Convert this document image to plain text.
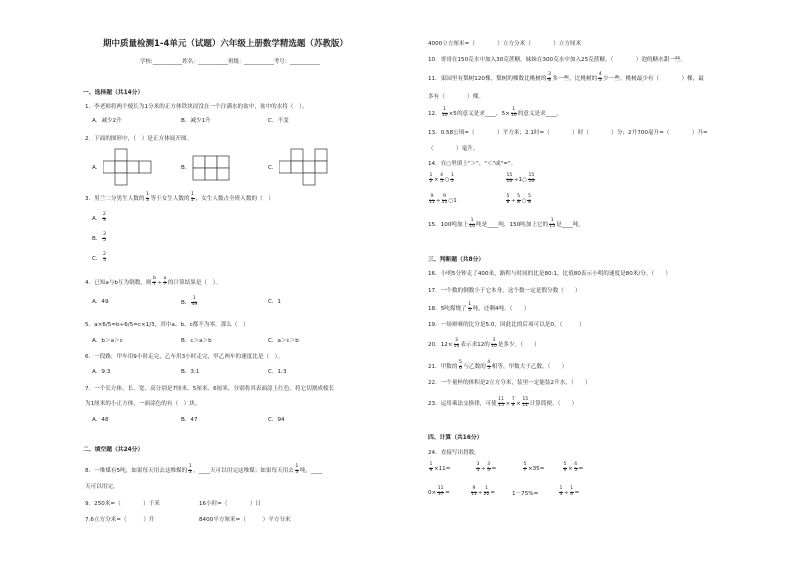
期中质量检测1-4单元（试题）六年级上册数学精选题（苏教版）
学校:___________姓名：___________班级：___________考号：___________
一、选择题（共14分）
1．李老师将两个棱长为1分米的正方体铁块浸没在一个注满水的盆中，盆中的水将（　）。
A．减少2升	B．减少1升	C．不变
2．下面的图形中，（　）是正方体展开图。
A．	B．	C．
3．男兰二分男生人数的 $\frac{1}{3}$ 等于女生人数的 $\frac{1}{2}$ ，女生人数占全班人数的（　）
A． $\frac{2}{3}$
B． $\frac{3}{5}$
C． $\frac{2}{5}$
4．已知a与b互为倒数，则 $\frac{b}{7} \div \frac{a}{7}$ 的计算结果是（　）。
A．49	B． $\frac{1}{49}$	C．1
5．a×6/5=b÷6/5=c×1/3，其中a、b、c都不为零，那么（　）
A．b＞a＞c	B．c＞a＞b	C．a＞c＞b
6．一段路，甲车用9小时走完，乙车用3小时走完，甲乙两车的速度比是（　）。
A．9:3	B．3:1	C．1:3
7．一个长方体，长、宽、高分别是7厘米、5厘米、6厘米，分别将其表面涂上红色，将它切割成棱长
为1厘米的小正方体，一面涂色的有（　）块。
A．48	B．47	C．94
二、填空题（共24分）
8．一堆煤有5吨，如果每天用去这堆煤的 $\frac{1}{3}$ ，____天可以用完这堆煤；如果每天用去 $\frac{1}{3}$ 吨，____
天可以用完。
9．250米=（　　　　）千米	16小时=（　　　　）日
7.6立方分米=（　　　）升	8400平方厘米=（　　　）平方分米
4000立方厘米=（　　　　）立方分米（　　　　）立方厘米
10．哥哥在150克水中加入30克蔗糖，妹妹在300克水中加入25克蔗糖，（　　　　）泡的糖水甜一些。
11．果园里有梨树120棵，梨树的棵数比桃树的 $\frac{3}{8}$ 多一些，比桃树的 $\frac{4}{5}$ 少一些。桃树最少有（　　　　）棵，最
多有（　　　　）棵。
12． $\frac{1}{10} \times 5$的意义是求____，$5\times \frac{1}{10}$ 的意义是求____。
13．0.58公顷=（　　　　）平方米；2.1时=（　　　　）时（　　　　）分；2升700毫升=（　　　　）升=
（　　　　）毫升。
14．在○里填上"＞"、"＜"或"="。
$\frac{1}{2} \times \frac{4}{5}$ ○ $\frac{1}{2}$	$\frac{15}{16}$ ÷1○ $\frac{15}{16}$
$\frac{9}{11} \div \frac{9}{11}$ ○1	$\frac{5}{8} \div \frac{5}{8}$ ○ $\frac{5}{8}$
15．100吨加上 $\frac{1}{10}$ 吨是____吨，150吨加上它的 $\frac{1}{15}$ 是____吨。
三、判断题（共8分）
16．小明5分钟走了400米，路程与时间的比是80:1，比值80表示小明的速度是80米/分。（　　）
17．一个数的倒数小于它本身，这个数一定是假分数（　　）
18．5吨煤烧了 $\frac{1}{5}$ 吨，还剩4吨。（　　）
19．一场辩赛的比分是5:0，因此比的后项可以是0。（　　　）
20．$12\times \frac{3}{10}$ 表示求12的 $\frac{3}{10}$ 是多少。（　　）
21．甲数的 $\frac{5}{6}$ 与乙数的 $\frac{4}{5}$ 相等，甲数大于乙数。（　　）
22．一个量杯的体积是2立方分米，装里一定能装2升水。（　　）
23．运用乘法交换律，可使 $\frac{11}{15} \times \frac{7}{4} \times \frac{15}{11}$ 计算简便。（　　）
四、计算（共16分）
24．直接写出得数。
$\frac{1}{9} \times 11=$	$\frac{3}{5} \div \frac{3}{5}$ =	$\frac{5}{7} \times 35=$	$\frac{5}{9} \times \frac{4}{5}$ =
$0\times \frac{11}{37}$ =	$\frac{9}{11} \div \frac{1}{22}$ =	1－75%=	$\frac{1}{3} \div \frac{1}{4}$ =
